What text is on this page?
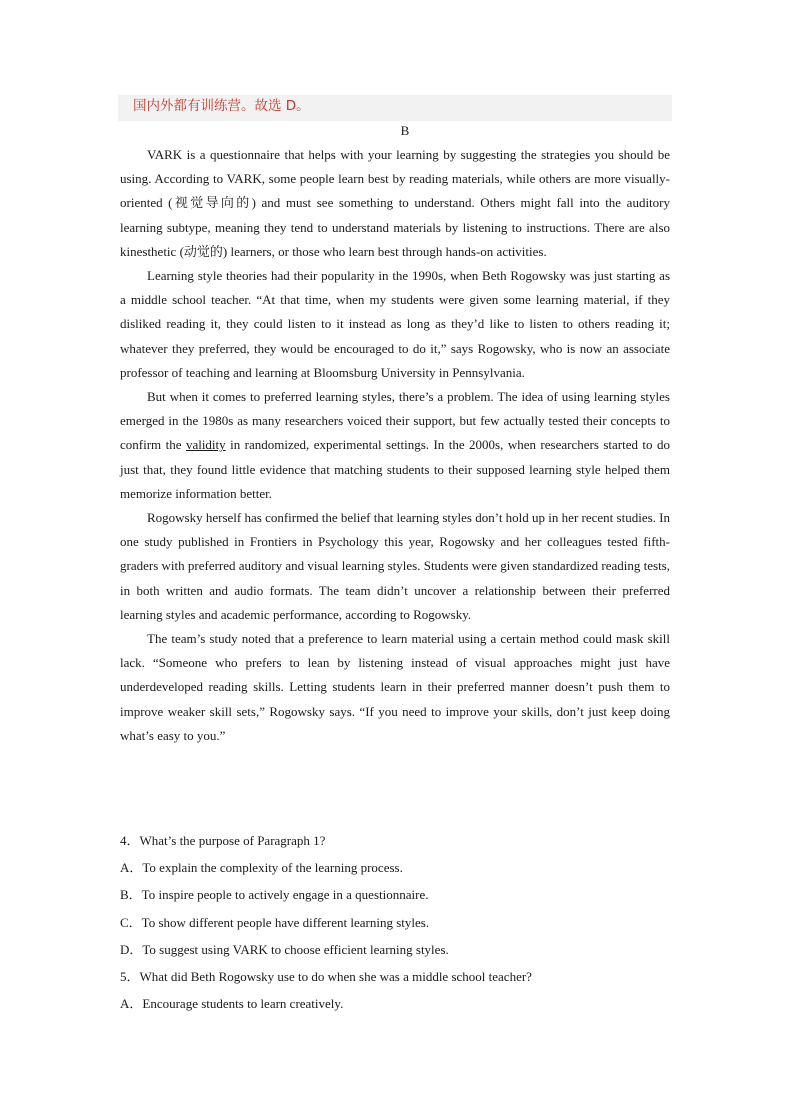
国内外都有训练营。故选 D。
B

VARK is a questionnaire that helps with your learning by suggesting the strategies you should be using. According to VARK, some people learn best by reading materials, while others are more visually-oriented (视觉导向的) and must see something to understand. Others might fall into the auditory learning subtype, meaning they tend to understand materials by listening to instructions. There are also kinesthetic (动觉的) learners, or those who learn best through hands-on activities.

Learning style theories had their popularity in the 1990s, when Beth Rogowsky was just starting as a middle school teacher. “At that time, when my students were given some learning material, if they disliked reading it, they could listen to it instead as long as they’d like to listen to others reading it; whatever they preferred, they would be encouraged to do it,” says Rogowsky, who is now an associate professor of teaching and learning at Bloomsburg University in Pennsylvania.

But when it comes to preferred learning styles, there’s a problem. The idea of using learning styles emerged in the 1980s as many researchers voiced their support, but few actually tested their concepts to confirm the validity in randomized, experimental settings. In the 2000s, when researchers started to do just that, they found little evidence that matching students to their supposed learning style helped them memorize information better.

Rogowsky herself has confirmed the belief that learning styles don’t hold up in her recent studies. In one study published in Frontiers in Psychology this year, Rogowsky and her colleagues tested fifth-graders with preferred auditory and visual learning styles. Students were given standardized reading tests, in both written and audio formats. The team didn’t uncover a relationship between their preferred learning styles and academic performance, according to Rogowsky.

The team’s study noted that a preference to learn material using a certain method could mask skill lack. “Someone who prefers to lean by listening instead of visual approaches might just have underdeveloped reading skills. Letting students learn in their preferred manner doesn’t push them to improve weaker skill sets,” Rogowsky says. “If you need to improve your skills, don’t just keep doing what’s easy to you.”

4．What’s the purpose of Paragraph 1?
A．To explain the complexity of the learning process.
B．To inspire people to actively engage in a questionnaire.
C．To show different people have different learning styles.
D．To suggest using VARK to choose efficient learning styles.
5．What did Beth Rogowsky use to do when she was a middle school teacher?
A．Encourage students to learn creatively.
